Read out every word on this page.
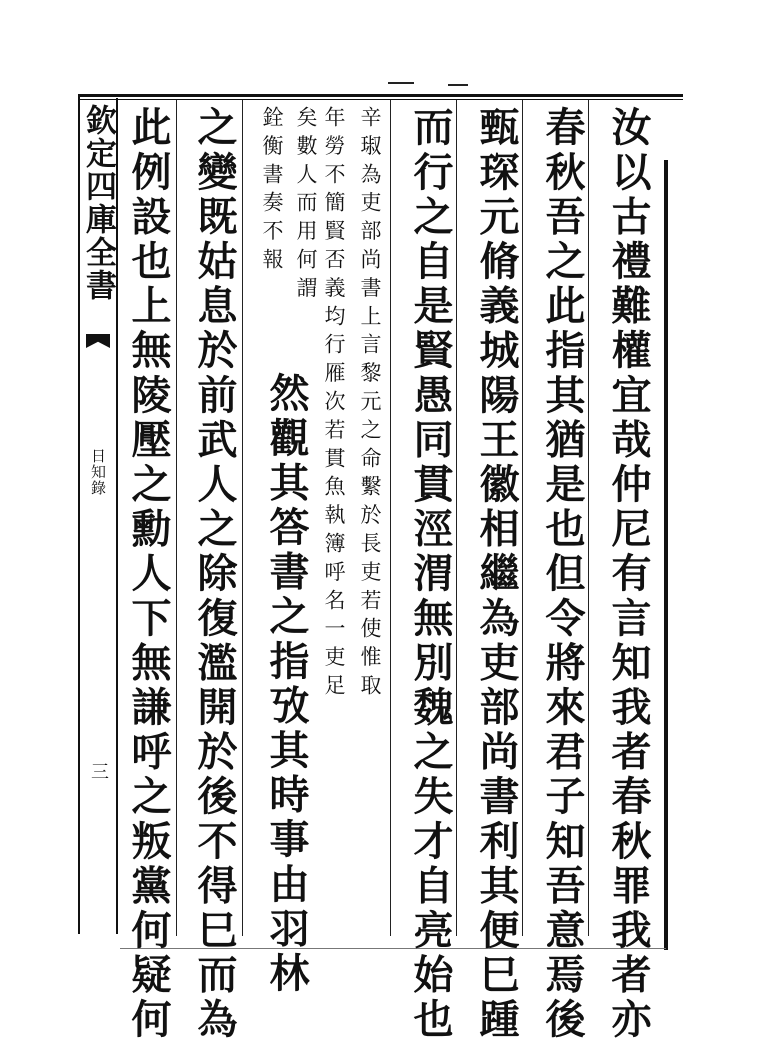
欽定四庫全書
日知錄
三	汝以古禮難權宜哉仲尼有言知我者春秋罪我者亦
春秋吾之此指其猶是也但令將來君子知吾意焉後
甄琛元脩義城陽王徽相繼為吏部尚書利其便巳踵
而行之自是賢愚同貫涇渭無別魏之失才自亮始也
辛琡為吏部尚書上言黎元之命繫於長吏若使惟取
年勞不簡賢否義均行雁次若貫魚執簿呼名一吏足
矣數人而用何謂
銓衡書奏不報
然觀其答書之指攷其時事由羽林
之變既姑息於前武人之除復濫開於後不得巳而為
此例設也上無陵壓之勳人下無謙呼之叛黨何疑何
